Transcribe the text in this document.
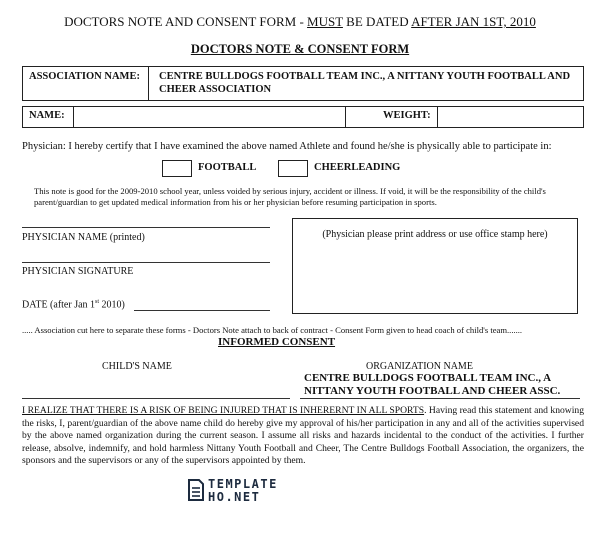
DOCTORS NOTE AND CONSENT FORM - MUST BE DATED AFTER JAN 1ST, 2010
DOCTORS NOTE & CONSENT FORM
ASSOCIATION NAME: CENTRE BULLDOGS FOOTBALL TEAM INC., A NITTANY YOUTH FOOTBALL AND CHEER ASSOCIATION
NAME:	WEIGHT:
Physician: I hereby certify that I have examined the above named Athlete and found he/she is physically able to participate in:
FOOTBALL	CHEERLEADING
This note is good for the 2009-2010 school year, unless voided by serious injury, accident or illness. If void, it will be the responsibility of the child's parent/guardian to get updated medical information from his or her physician before resuming participation in sports.
PHYSICIAN NAME (printed)
PHYSICIAN SIGNATURE
DATE (after Jan 1st 2010)
(Physician please print address or use office stamp here)
..... Association cut here to separate these forms - Doctors Note attach to back of contract - Consent Form given to head coach of child's team.......
INFORMED CONSENT
CHILD'S NAME	ORGANIZATION NAME
CENTRE BULLDOGS FOOTBALL TEAM INC., A NITTANY YOUTH FOOTBALL AND CHEER ASSC.
I REALIZE THAT THERE IS A RISK OF BEING INJURED THAT IS INHERERNT IN ALL SPORTS. Having read this statement and knowing the risks, I, parent/guardian of the above name child do hereby give my approval of his/her participation in any and all of the activities supervised by the above named organization during the current season. I assume all risks and hazards incidental to the conduct of the activities. I further release, absolve, indemnify, and hold harmless Nittany Youth Football and Cheer, The Centre Bulldogs Football Association, the organizers, the sponsors and the supervisors or any of the supervisors appointed by them.
TEMPLATE
HO.NET
